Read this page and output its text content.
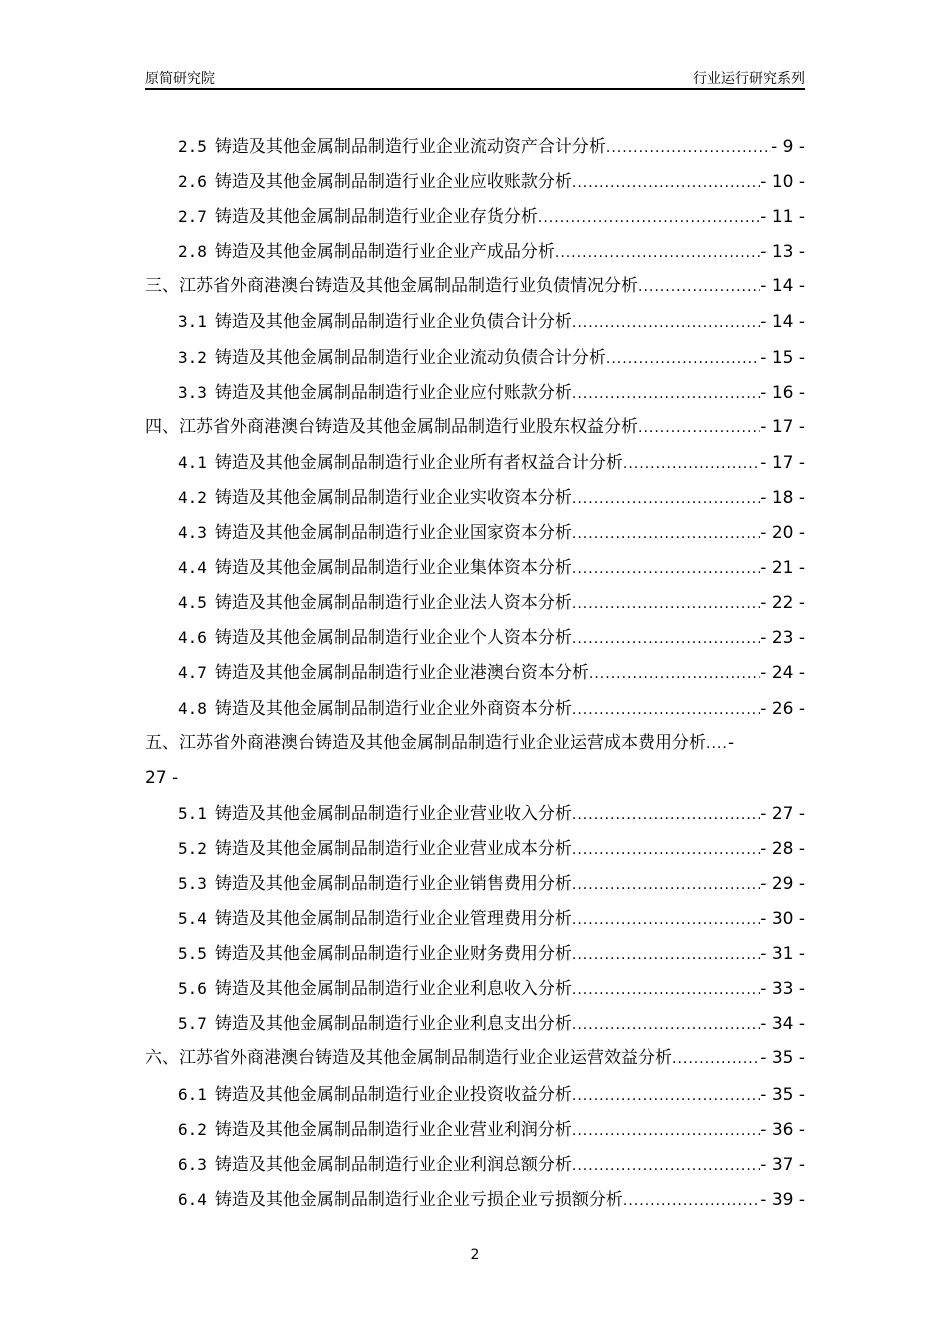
原简研究院	行业运行研究系列
2.5 铸造及其他金属制品制造行业企业流动资产合计分析 .....	- 9 -
2.6 铸造及其他金属制品制造行业企业应收账款分析 .....	- 10 -
2.7 铸造及其他金属制品制造行业企业存货分析 .....	- 11 -
2.8 铸造及其他金属制品制造行业企业产成品分析 .....	- 13 -
三、 江苏省外商港澳台铸造及其他金属制品制造行业负债情况分析 .....	- 14 -
3.1 铸造及其他金属制品制造行业企业负债合计分析 .....	- 14 -
3.2 铸造及其他金属制品制造行业企业流动负债合计分析 .....	- 15 -
3.3 铸造及其他金属制品制造行业企业应付账款分析 .....	- 16 -
四、 江苏省外商港澳台铸造及其他金属制品制造行业股东权益分析 .....	- 17 -
4.1 铸造及其他金属制品制造行业企业所有者权益合计分析 .....	- 17 -
4.2 铸造及其他金属制品制造行业企业实收资本分析 .....	- 18 -
4.3 铸造及其他金属制品制造行业企业国家资本分析 .....	- 20 -
4.4 铸造及其他金属制品制造行业企业集体资本分析 .....	- 21 -
4.5 铸造及其他金属制品制造行业企业法人资本分析 .....	- 22 -
4.6 铸造及其他金属制品制造行业企业个人资本分析 .....	- 23 -
4.7 铸造及其他金属制品制造行业企业港澳台资本分析 .....	- 24 -
4.8 铸造及其他金属制品制造行业企业外商资本分析 .....	- 26 -
五、 江苏省外商港澳台铸造及其他金属制品制造行业企业运营成本费用分析 ..... -
27 -
5.1 铸造及其他金属制品制造行业企业营业收入分析 .....	- 27 -
5.2 铸造及其他金属制品制造行业企业营业成本分析 .....	- 28 -
5.3 铸造及其他金属制品制造行业企业销售费用分析 .....	- 29 -
5.4 铸造及其他金属制品制造行业企业管理费用分析 .....	- 30 -
5.5 铸造及其他金属制品制造行业企业财务费用分析 .....	- 31 -
5.6 铸造及其他金属制品制造行业企业利息收入分析 .....	- 33 -
5.7 铸造及其他金属制品制造行业企业利息支出分析 .....	- 34 -
六、 江苏省外商港澳台铸造及其他金属制品制造行业企业运营效益分析 .....	- 35 -
6.1 铸造及其他金属制品制造行业企业投资收益分析 .....	- 35 -
6.2 铸造及其他金属制品制造行业企业营业利润分析 .....	- 36 -
6.3 铸造及其他金属制品制造行业企业利润总额分析 .....	- 37 -
6.4 铸造及其他金属制品制造行业企业亏损企业亏损额分析 .....	- 39 -
2
